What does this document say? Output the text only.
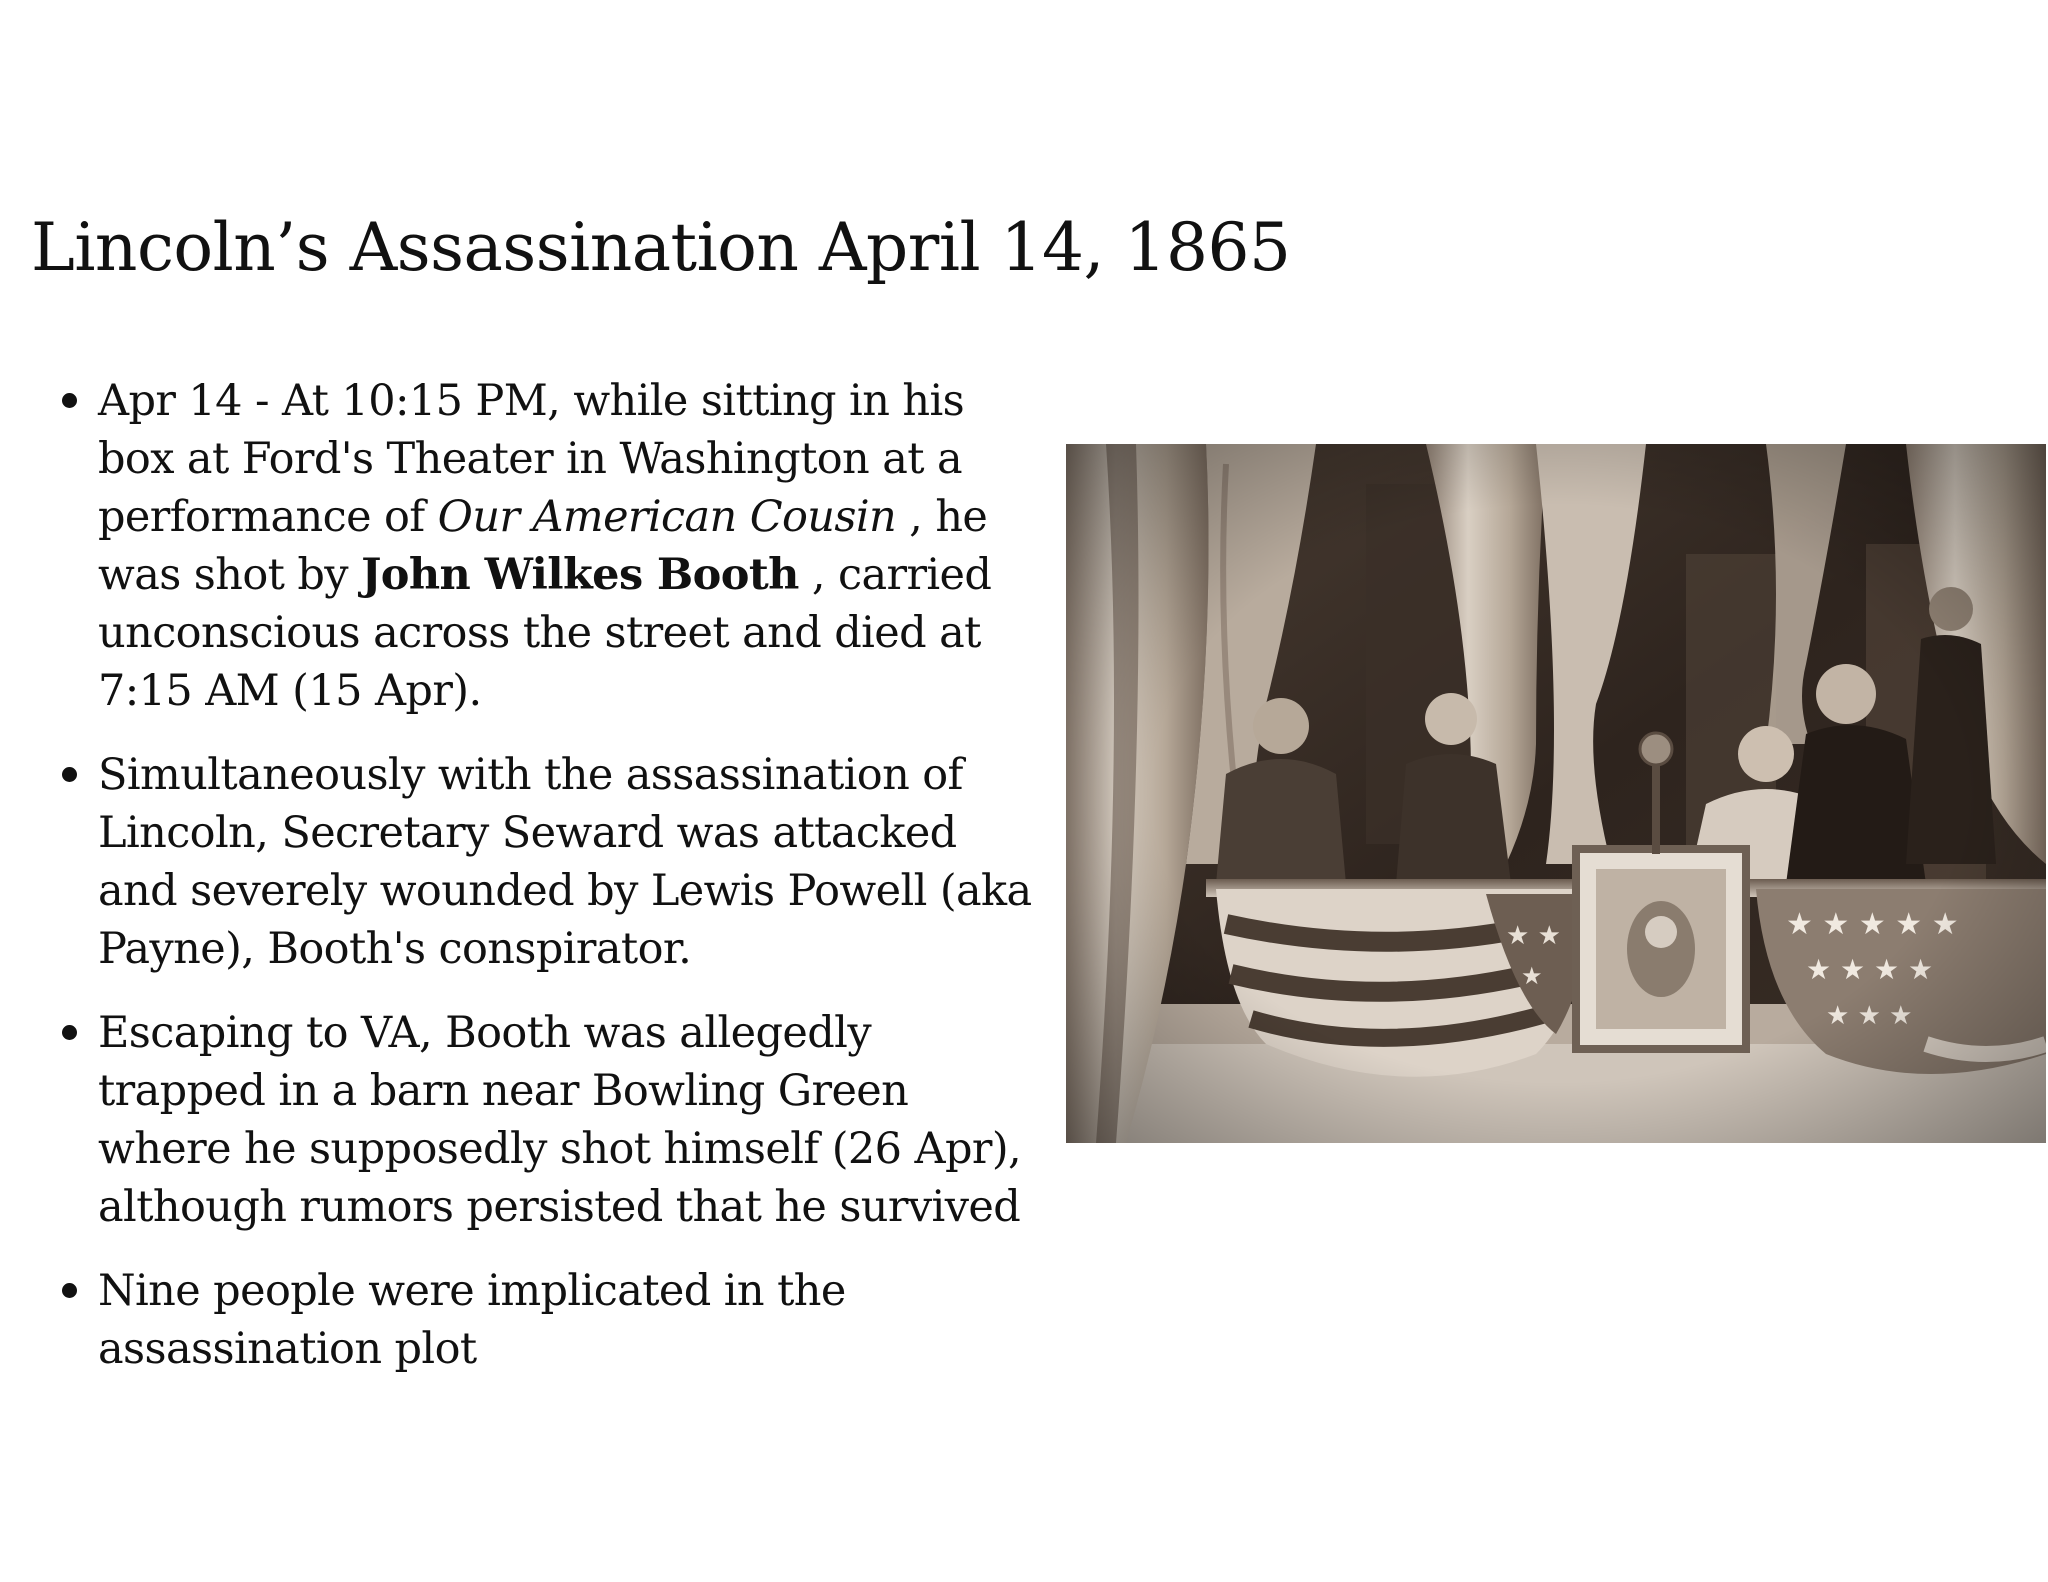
Lincoln’s Assassination April 14, 1865
Apr 14 - At 10:15 PM, while sitting in his box at Ford's Theater in Washington at a performance of Our American Cousin , he was shot by John Wilkes Booth , carried unconscious across the street and died at 7:15 AM (15 Apr).
Simultaneously with the assassination of Lincoln, Secretary Seward was attacked and severely wounded by Lewis Powell (aka Payne), Booth's conspirator.
Escaping to VA, Booth was allegedly trapped in a barn near Bowling Green where he supposedly shot himself (26 Apr), although rumors persisted that he survived
Nine people were implicated in the assassination plot
